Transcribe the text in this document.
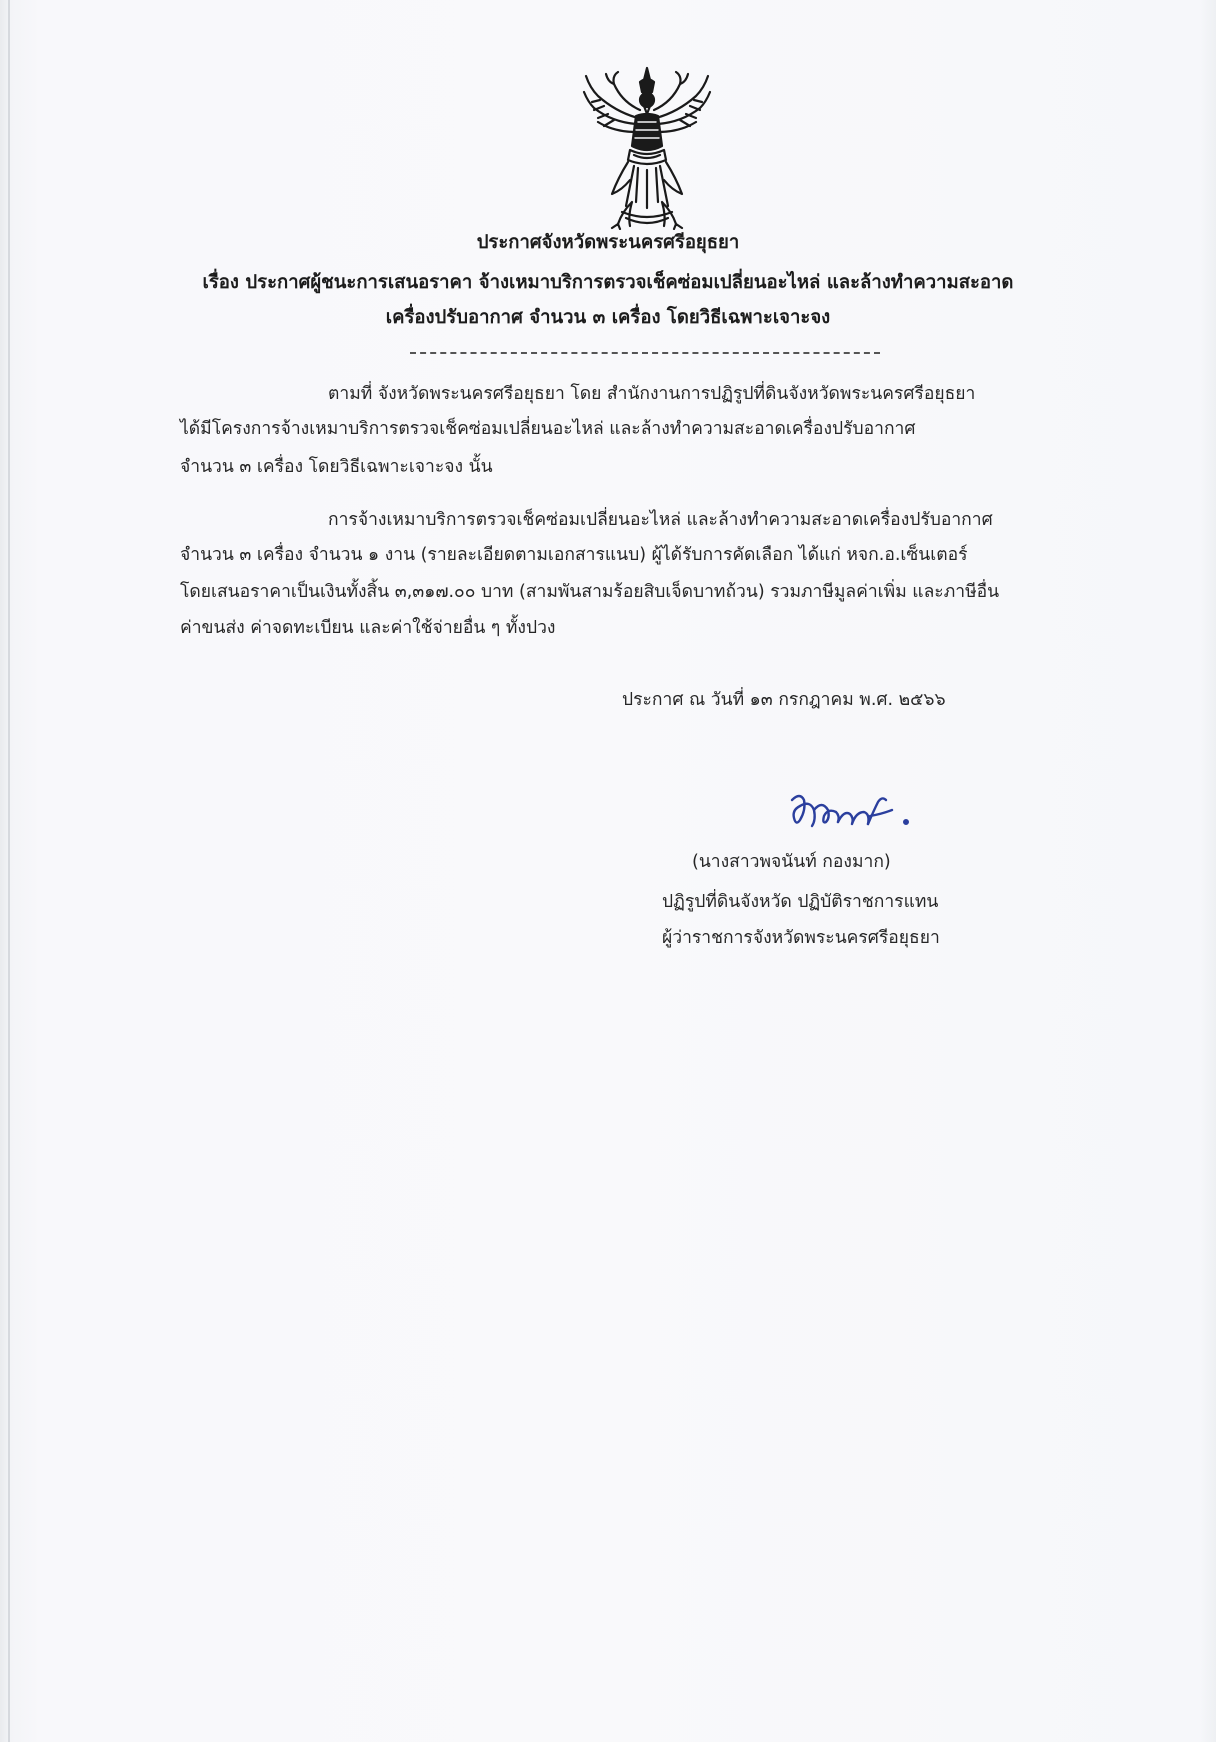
ประกาศจังหวัดพระนครศรีอยุธยา
เรื่อง ประกาศผู้ชนะการเสนอราคา จ้างเหมาบริการตรวจเช็คซ่อมเปลี่ยนอะไหล่ และล้างทำความสะอาด
เครื่องปรับอากาศ จำนวน ๓ เครื่อง โดยวิธีเฉพาะเจาะจง
ตามที่ จังหวัดพระนครศรีอยุธยา โดย สำนักงานการปฏิรูปที่ดินจังหวัดพระนครศรีอยุธยา
ได้มีโครงการจ้างเหมาบริการตรวจเช็คซ่อมเปลี่ยนอะไหล่ และล้างทำความสะอาดเครื่องปรับอากาศ
จำนวน ๓ เครื่อง โดยวิธีเฉพาะเจาะจง นั้น
การจ้างเหมาบริการตรวจเช็คซ่อมเปลี่ยนอะไหล่ และล้างทำความสะอาดเครื่องปรับอากาศ
จำนวน ๓ เครื่อง จำนวน ๑ งาน (รายละเอียดตามเอกสารแนบ) ผู้ได้รับการคัดเลือก ได้แก่ หจก.อ.เซ็นเตอร์
โดยเสนอราคาเป็นเงินทั้งสิ้น ๓,๓๑๗.๐๐ บาท (สามพันสามร้อยสิบเจ็ดบาทถ้วน) รวมภาษีมูลค่าเพิ่ม และภาษีอื่น
ค่าขนส่ง ค่าจดทะเบียน และค่าใช้จ่ายอื่น ๆ ทั้งปวง
ประกาศ ณ วันที่ ๑๓ กรกฎาคม พ.ศ. ๒๕๖๖
(นางสาวพจนันท์ กองมาก)
ปฏิรูปที่ดินจังหวัด ปฏิบัติราชการแทน
ผู้ว่าราชการจังหวัดพระนครศรีอยุธยา
